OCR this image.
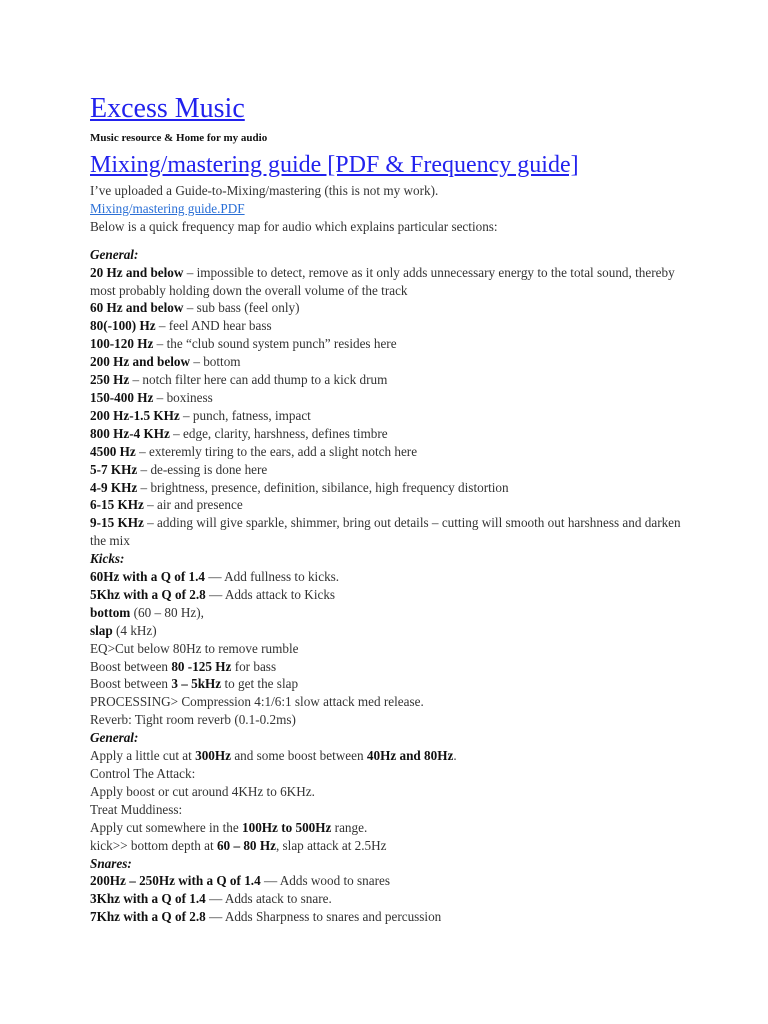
Excess Music
Music resource & Home for my audio
Mixing/mastering guide [PDF & Frequency guide]
I’ve uploaded a Guide-to-Mixing/mastering (this is not my work).
Mixing/mastering guide.PDF
Below is a quick frequency map for audio which explains particular sections:
General:
20 Hz and below – impossible to detect, remove as it only adds unnecessary energy to the total sound, thereby most probably holding down the overall volume of the track
60 Hz and below – sub bass (feel only)
80(-100) Hz – feel AND hear bass
100-120 Hz – the “club sound system punch” resides here
200 Hz and below – bottom
250 Hz – notch filter here can add thump to a kick drum
150-400 Hz – boxiness
200 Hz-1.5 KHz – punch, fatness, impact
800 Hz-4 KHz – edge, clarity, harshness, defines timbre
4500 Hz – exteremly tiring to the ears, add a slight notch here
5-7 KHz – de-essing is done here
4-9 KHz – brightness, presence, definition, sibilance, high frequency distortion
6-15 KHz – air and presence
9-15 KHz – adding will give sparkle, shimmer, bring out details – cutting will smooth out harshness and darken the mix
Kicks:
60Hz with a Q of 1.4 — Add fullness to kicks.
5Khz with a Q of 2.8 — Adds attack to Kicks
bottom (60 – 80 Hz),
slap (4 kHz)
EQ>Cut below 80Hz to remove rumble
Boost between 80 -125 Hz for bass
Boost between 3 – 5kHz to get the slap
PROCESSING> Compression 4:1/6:1 slow attack med release.
Reverb: Tight room reverb (0.1-0.2ms)
General:
Apply a little cut at 300Hz and some boost between 40Hz and 80Hz.
Control The Attack:
Apply boost or cut around 4KHz to 6KHz.
Treat Muddiness:
Apply cut somewhere in the 100Hz to 500Hz range.
kick>> bottom depth at 60 – 80 Hz, slap attack at 2.5Hz
Snares:
200Hz – 250Hz with a Q of 1.4 — Adds wood to snares
3Khz with a Q of 1.4 — Adds atack to snare.
7Khz with a Q of 2.8 — Adds Sharpness to snares and percussion
